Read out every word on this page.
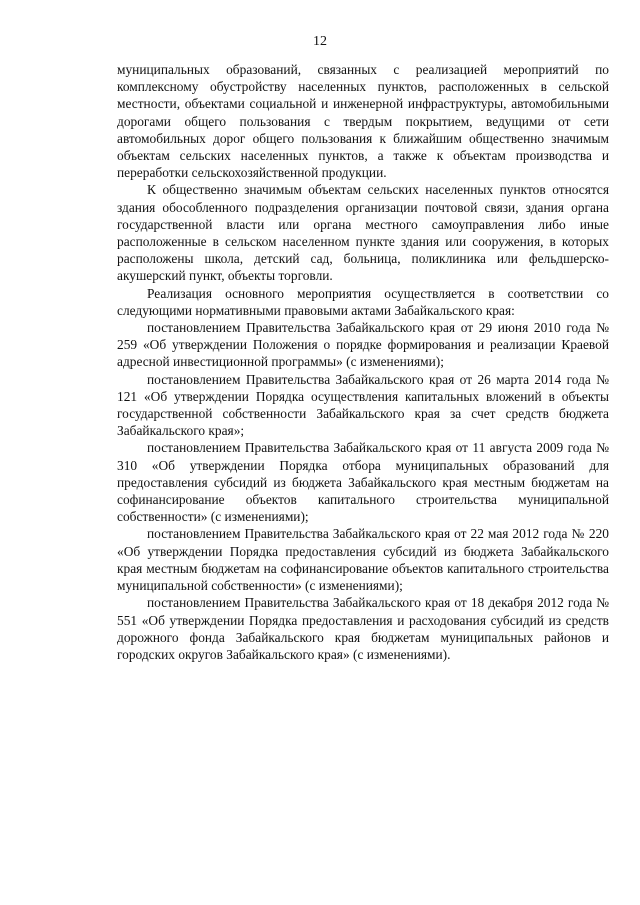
12

муниципальных образований, связанных с реализацией мероприятий по комплексному обустройству населенных пунктов, расположенных в сельской местности, объектами социальной и инженерной инфраструктуры, автомобильными дорогами общего пользования с твердым покрытием, ведущими от сети автомобильных дорог общего пользования к ближайшим общественно значимым объектам сельских населенных пунктов, а также к объектам производства и переработки сельскохозяйственной продукции.

К общественно значимым объектам сельских населенных пунктов относятся здания обособленного подразделения организации почтовой связи, здания органа государственной власти или органа местного самоуправления либо иные расположенные в сельском населенном пункте здания или сооружения, в которых расположены школа, детский сад, больница, поликлиника или фельдшерско-акушерский пункт, объекты торговли.

Реализация основного мероприятия осуществляется в соответствии со следующими нормативными правовыми актами Забайкальского края:

постановлением Правительства Забайкальского края от 29 июня 2010 года № 259 «Об утверждении Положения о порядке формирования и реализации Краевой адресной инвестиционной программы» (с изменениями);

постановлением Правительства Забайкальского края от 26 марта 2014 года № 121 «Об утверждении Порядка осуществления капитальных вложений в объекты государственной собственности Забайкальского края за счет средств бюджета Забайкальского края»;

постановлением Правительства Забайкальского края от 11 августа 2009 года № 310 «Об утверждении Порядка отбора муниципальных образований для предоставления субсидий из бюджета Забайкальского края местным бюджетам на софинансирование объектов капитального строительства муниципальной собственности» (с изменениями);

постановлением Правительства Забайкальского края от 22 мая 2012 года № 220 «Об утверждении Порядка предоставления субсидий из бюджета Забайкальского края местным бюджетам на софинансирование объектов капитального строительства муниципальной собственности» (с изменениями);

постановлением Правительства Забайкальского края от 18 декабря 2012 года № 551 «Об утверждении Порядка предоставления и расходования субсидий из средств дорожного фонда Забайкальского края бюджетам муниципальных районов и городских округов Забайкальского края» (с изменениями).
